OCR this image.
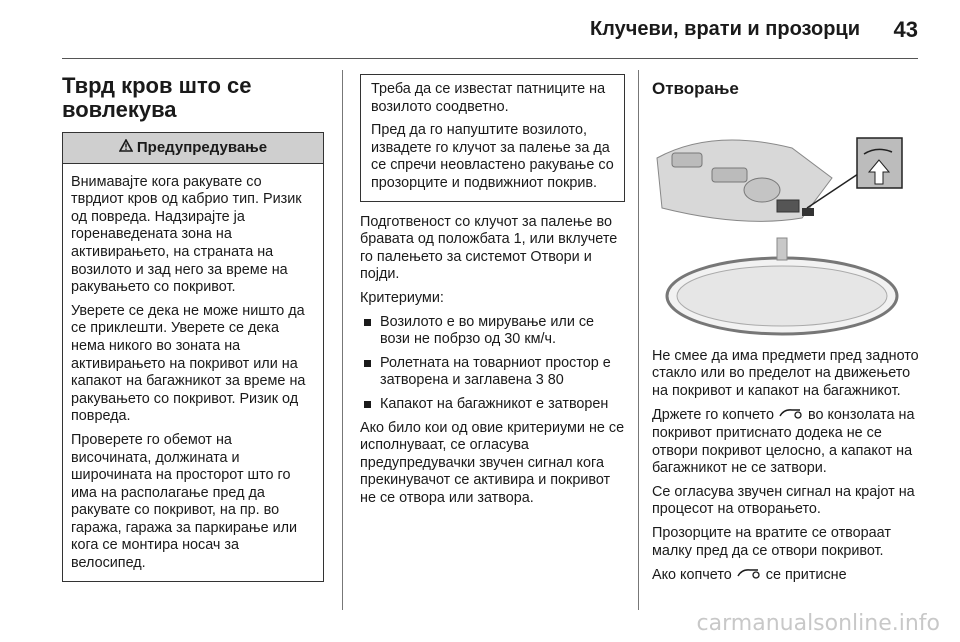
Клучеви, врати и прозорци 43
Тврд кров што се вовлекува
Предупредување

Внимавајте кога ракувате со тврдиот кров од кабрио тип. Ризик од повреда. Надзирајте ја горенаведената зона на активирањето, на страната на возилото и зад него за време на ракувањето со покривот.

Уверете се дека не може ништо да се приклешти. Уверете се дека нема никого во зоната на активирањето на покривот или на капакот на багажникот за време на ракувањето со покривот. Ризик од повреда.

Проверете го обемот на височината, должината и широчината на просторот што го има на располагање пред да ракувате со покривот, на пр. во гаража, гаража за паркирање или кога се монтира носач за велосипед.

Треба да се известат патниците на возилото соодветно.

Пред да го напуштите возилото, извадете го клучот за палење за да се спречи неовластено ракување со прозорците и подвижниот покрив.

Подготвеност со клучот за палење во бравата од положбата 1, или вклучете го палењето за системот Отвори и појди.

Критериуми:

Возилото е во мирување или се вози не побрзо од 30 км/ч.
Ролетната на товарниот простор е затворена и заглавена 3 80
Капакот на багажникот е затворен

Ако било кои од овие критериуми не се исполнуваат, се огласува предупредувачки звучен сигнал кога прекинувачот се активира и покривот не се отвора или затвора.

Отворање

Не смее да има предмети пред задното стакло или во пределот на движењето на покривот и капакот на багажникот.

Држете го копчето во конзолата на покривот притиснато додека не се отвори покривот целосно, а капакот на багажникот не се затвори.

Се огласува звучен сигнал на крајот на процесот на отворањето.

Прозорците на вратите се отвораат малку пред да се отвори покривот.

Ако копчето се притисне

carmanualsonline.info
